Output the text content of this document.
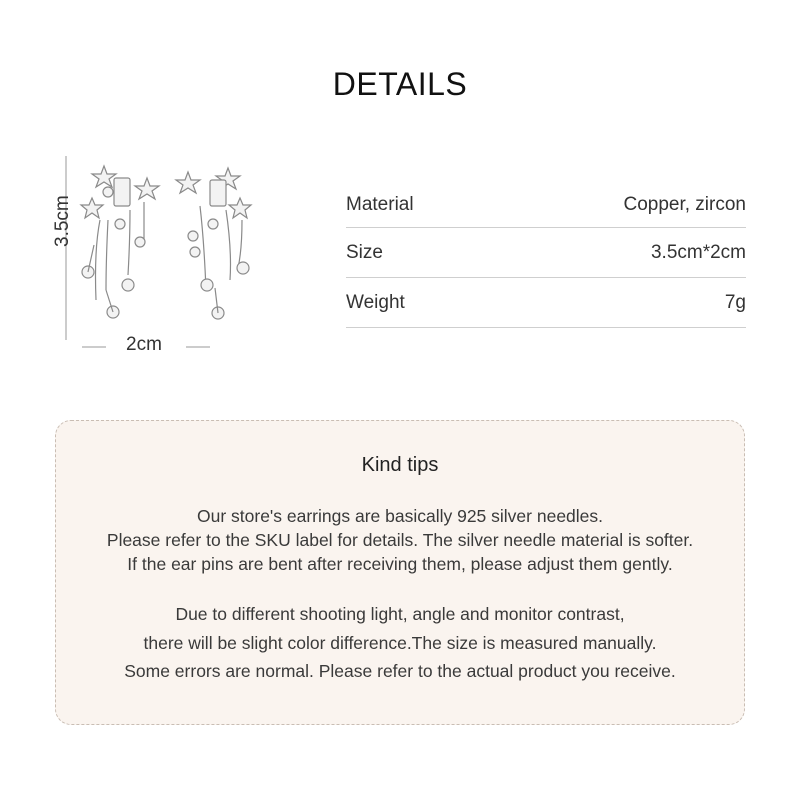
DETAILS
3.5cm
2cm
Material	Copper, zircon
Size	3.5cm*2cm
Weight	7g
Kind tips
Our store's earrings are basically 925 silver needles.
Please refer to the SKU label for details. The silver needle material is softer.
If the ear pins are bent after receiving them, please adjust them gently.
Due to different shooting light, angle and monitor contrast,
there will be slight color difference.The size is measured manually.
Some errors are normal. Please refer to the actual product you receive.
